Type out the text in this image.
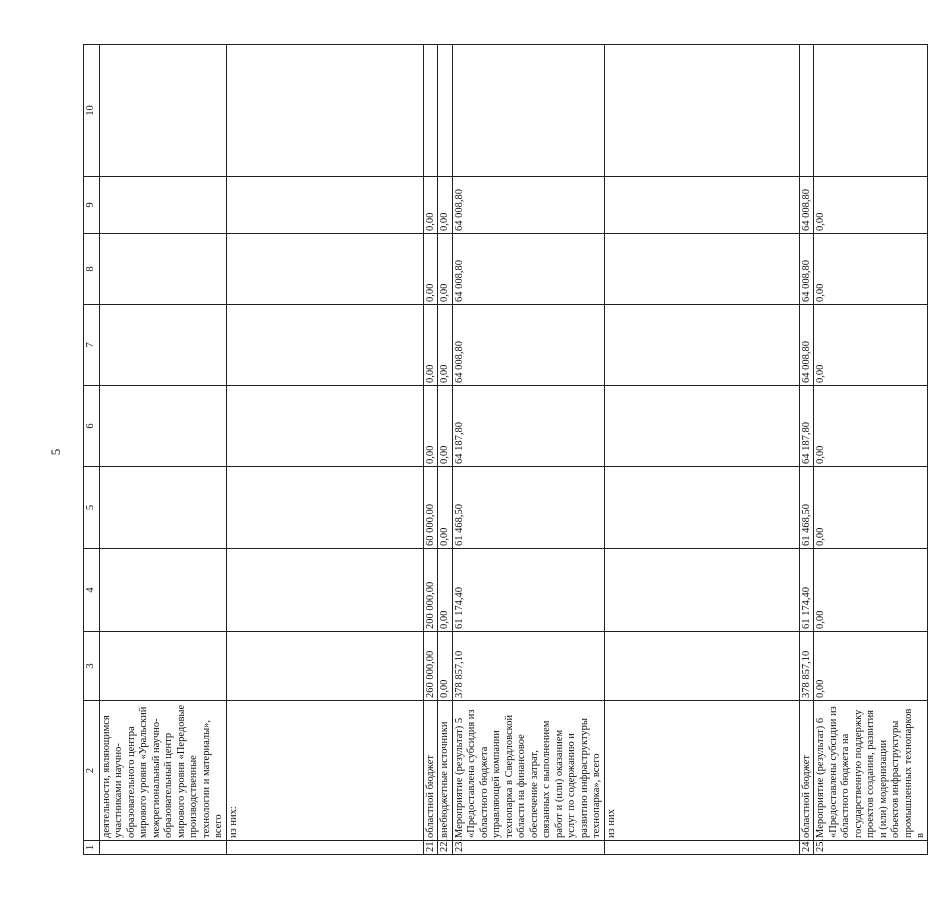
5
1	2	3	4	5	6	7	8	9	10
	деятельности, являющимся участниками научно-образовательного центра мирового уровня «Уральский межрегиональный научно-образовательный центр мирового уровня «Передовые производственные технологии и материалы», всего								
	из них:								
21.	областной бюджет	260 000,00	200 000,00	60 000,00	0,00	0,00	0,00	0,00	
22.	внебюджетные источники	0,00	0,00	0,00	0,00	0,00	0,00	0,00	
23.	Мероприятие (результат) 5 «Предоставлена субсидия из областного бюджета управляющей компании технопарка в Свердловской области на финансовое обеспечение затрат, связанных с выполнением работ и (или) оказанием услуг по содержанию и развитию инфраструктуры технопарка», всего	378 857,10	61 174,40	61 468,50	64 187,80	64 008,80	64 008,80	64 008,80	
	из них								
24.	областной бюджет	378 857,10	61 174,40	61 468,50	64 187,80	64 008,80	64 008,80	64 008,80	
25.	Мероприятие (результат) 6 «Предоставлены субсидии из областного бюджета на государственную поддержку проектов создания, развития и (или) модернизации объектов инфраструктуры промышленных технопарков в	0,00	0,00	0,00	0,00	0,00	0,00	0,00	
